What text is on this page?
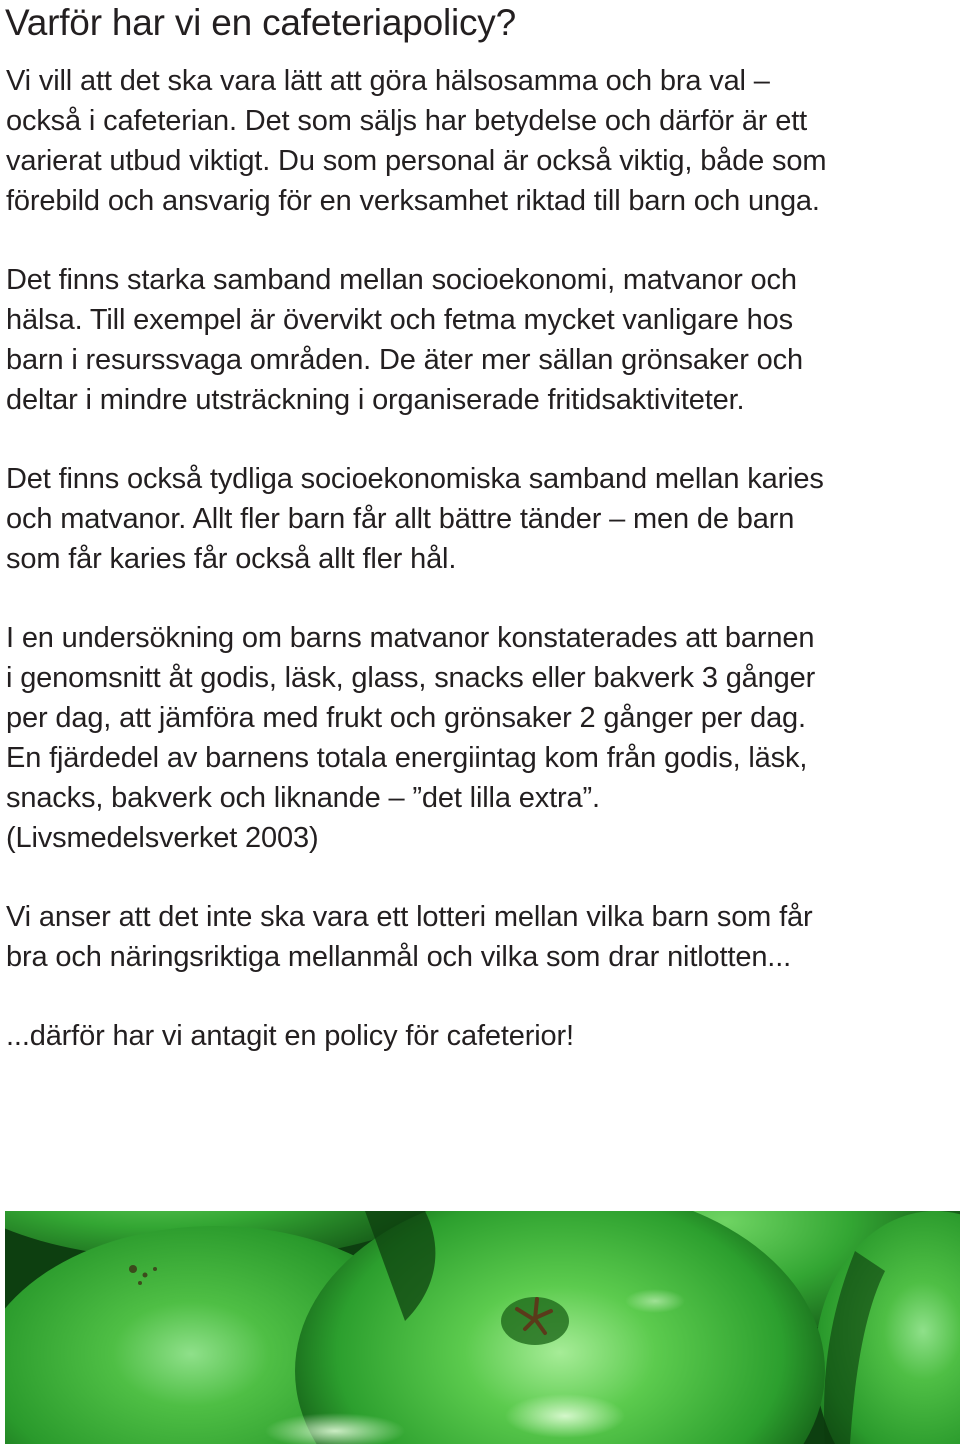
Varför har vi en cafeteriapolicy?

Vi vill att det ska vara lätt att göra hälsosamma och bra val –
också i cafeterian. Det som säljs har betydelse och därför är ett
varierat utbud viktigt. Du som personal är också viktig, både som
förebild och ansvarig för en verksamhet riktad till barn och unga.

Det finns starka samband mellan socioekonomi, matvanor och
hälsa. Till exempel är övervikt och fetma mycket vanligare hos
barn i resurssvaga områden. De äter mer sällan grönsaker och
deltar i mindre utsträckning i organiserade fritidsaktiviteter.

Det finns också tydliga socioekonomiska samband mellan karies
och matvanor. Allt fler barn får allt bättre tänder – men de barn
som får karies får också allt fler hål.

I en undersökning om barns matvanor konstaterades att barnen
i genomsnitt åt godis, läsk, glass, snacks eller bakverk 3 gånger
per dag, att jämföra med frukt och grönsaker 2 gånger per dag.
En fjärdedel av barnens totala energiintag kom från godis, läsk,
snacks, bakverk och liknande – ”det lilla extra”.
(Livsmedelsverket 2003)

Vi anser att det inte ska vara ett lotteri mellan vilka barn som får
bra och näringsriktiga mellanmål och vilka som drar nitlotten...

...därför har vi antagit en policy för cafeterior!
